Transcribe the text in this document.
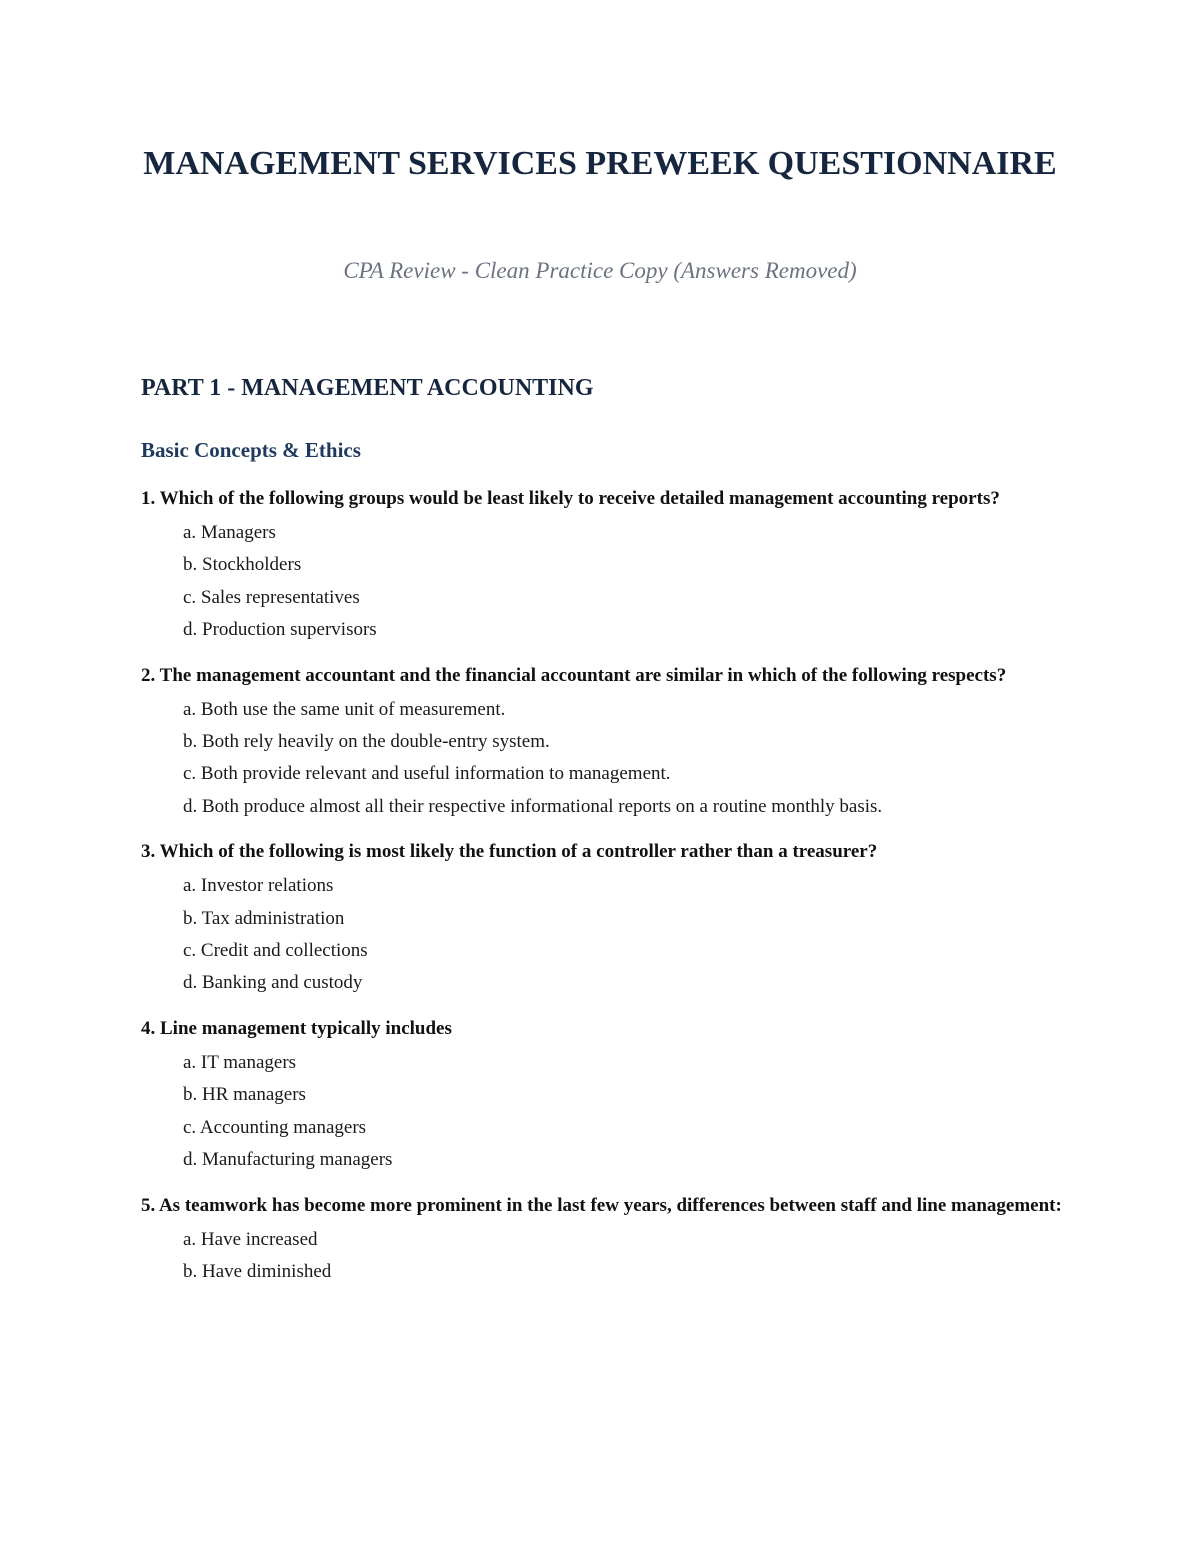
MANAGEMENT SERVICES PREWEEK QUESTIONNAIRE

CPA Review - Clean Practice Copy (Answers Removed)

PART 1 - MANAGEMENT ACCOUNTING
Basic Concepts & Ethics

1. Which of the following groups would be least likely to receive detailed management accounting reports?

a. Managers
b. Stockholders
c. Sales representatives
d. Production supervisors

2. The management accountant and the financial accountant are similar in which of the following respects?

a. Both use the same unit of measurement.
b. Both rely heavily on the double-entry system.
c. Both provide relevant and useful information to management.
d. Both produce almost all their respective informational reports on a routine monthly basis.

3. Which of the following is most likely the function of a controller rather than a treasurer?

a. Investor relations
b. Tax administration
c. Credit and collections
d. Banking and custody

4. Line management typically includes

a. IT managers
b. HR managers
c. Accounting managers
d. Manufacturing managers

5. As teamwork has become more prominent in the last few years, differences between staff and line management:

a. Have increased
b. Have diminished
